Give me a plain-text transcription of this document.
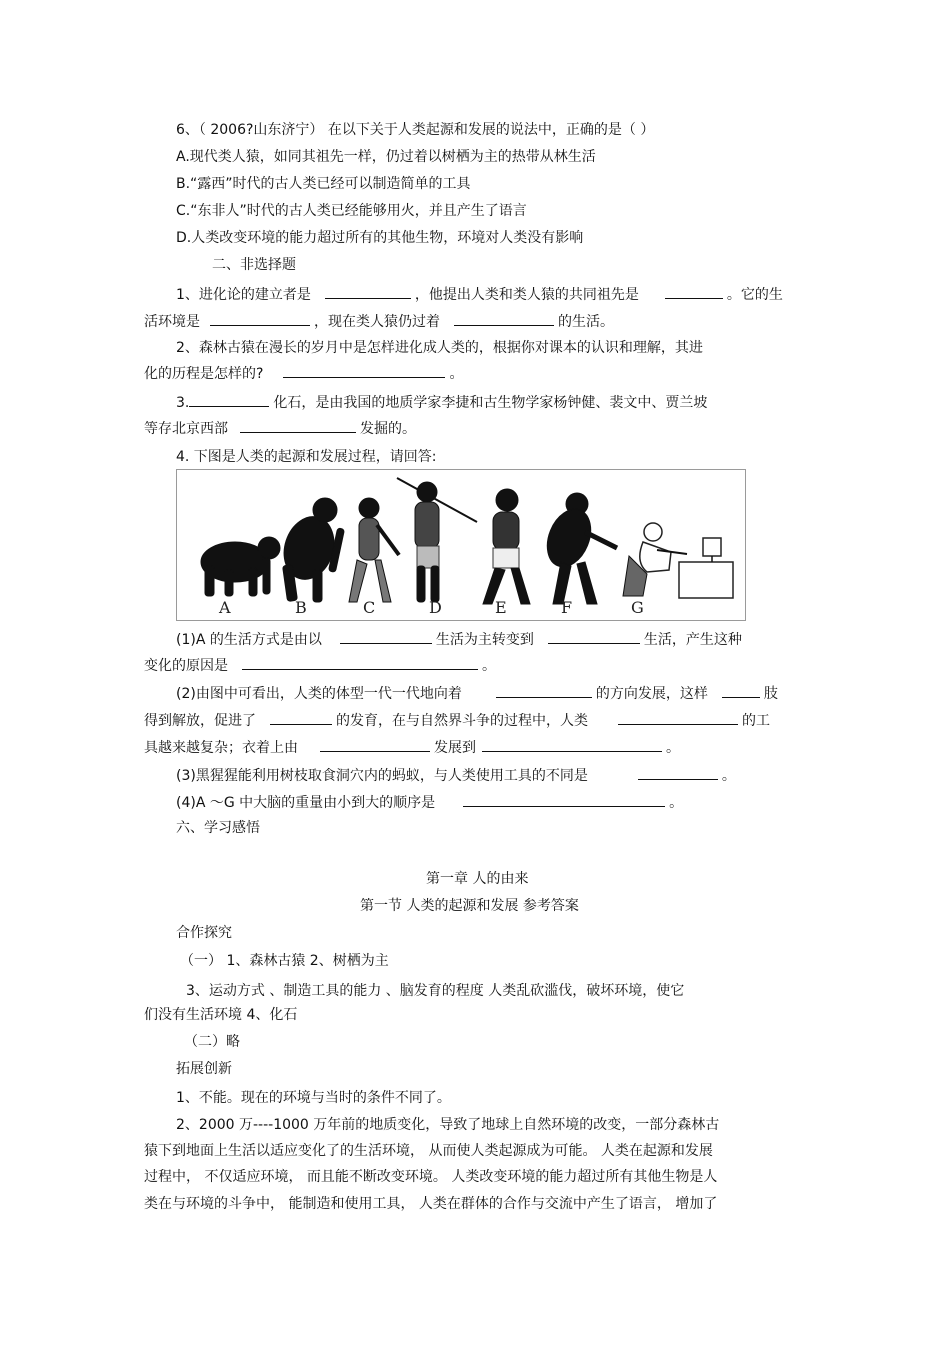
6、（ 2006?山东济宁） 在以下关于人类起源和发展的说法中，正确的是（ ）
A.现代类人猿，如同其祖先一样，仍过着以树栖为主的热带从林生活
B.“露西”时代的古人类已经可以制造简单的工具
C.“东非人”时代的古人类已经能够用火，并且产生了语言
D.人类改变环境的能力超过所有的其他生物，环境对人类没有影响
二、非选择题
1、进化论的建立者是	，他提出人类和类人猿的共同祖先是	。它的生
活环境是	，现在类人猿仍过着	的生活。
2、森林古猿在漫长的岁月中是怎样进化成人类的，根据你对课本的认识和理解，其进
化的历程是怎样的?	。
3.	化石，是由我国的地质学家李捷和古生物学家杨钟健、裴文中、贾兰坡
等存北京西部	发掘的。
4. 下图是人类的起源和发展过程，请回答:
A	B	C	D	E	F	G
(1)A 的生活方式是由以	生活为主转变到	生活，产生这种
变化的原因是	。
(2)由图中可看出，人类的体型一代一代地向着	的方向发展，这样	肢
得到解放，促进了	的发育，在与自然界斗争的过程中，人类	的工
具越来越复杂；衣着上由	发展到	。
(3)黑猩猩能利用树枝取食洞穴内的蚂蚁，与人类使用工具的不同是	。
(4)A ～G 中大脑的重量由小到大的顺序是	。
六、学习感悟
第一章 人的由来
第一节 人类的起源和发展 参考答案
合作探究
（一） 1、森林古猿 2、树栖为主
3、运动方式 、制造工具的能力 、脑发育的程度 人类乱砍滥伐，破坏环境，使它
们没有生活环境 4、化石
（二）略
拓展创新
1、不能。现在的环境与当时的条件不同了。
2、2000 万----1000 万年前的地质变化，导致了地球上自然环境的改变，一部分森林古
猿下到地面上生活以适应变化了的生活环境， 从而使人类起源成为可能。 人类在起源和发展
过程中， 不仅适应环境， 而且能不断改变环境。 人类改变环境的能力超过所有其他生物是人
类在与环境的斗争中， 能制造和使用工具， 人类在群体的合作与交流中产生了语言， 增加了
